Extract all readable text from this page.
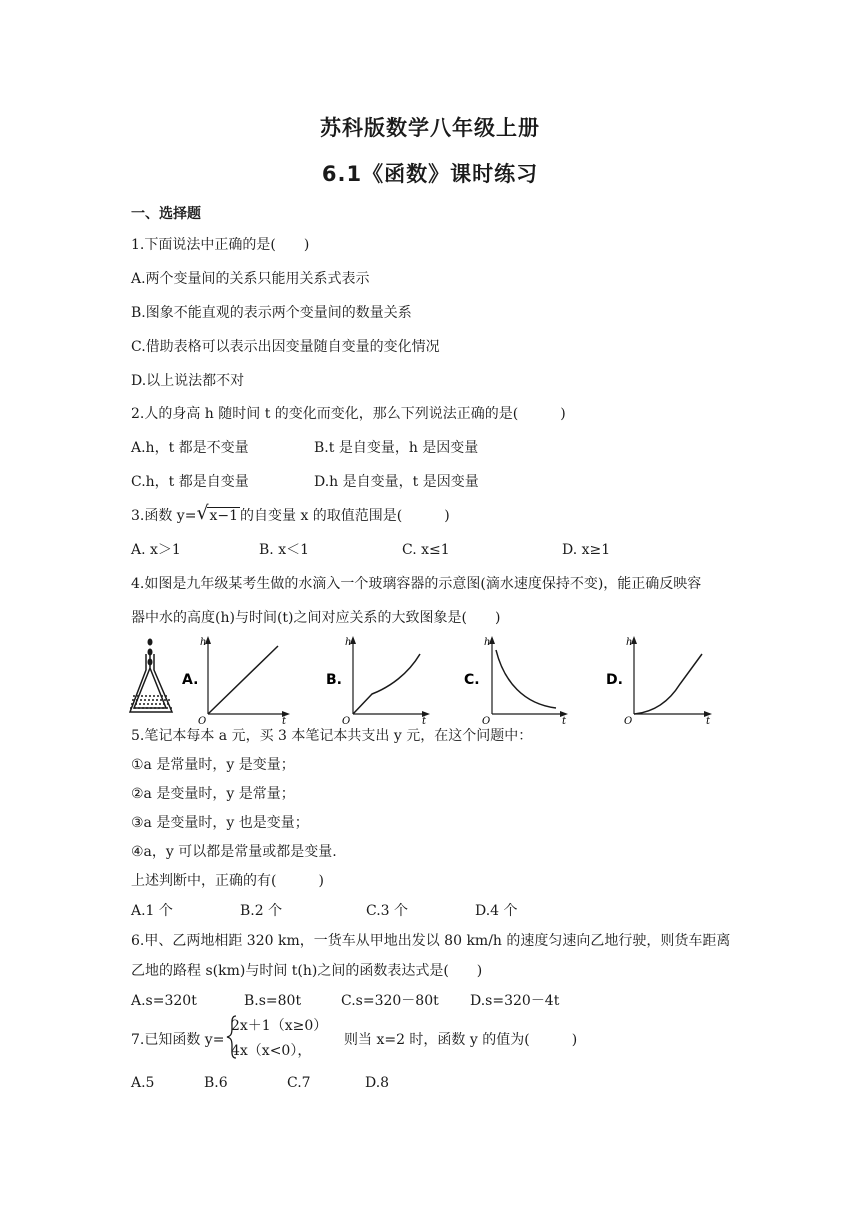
苏科版数学八年级上册
6.1《函数》课时练习
一、选择题
1.下面说法中正确的是(　　)
A.两个变量间的关系只能用关系式表示
B.图象不能直观的表示两个变量间的数量关系
C.借助表格可以表示出因变量随自变量的变化情况
D.以上说法都不对
2.人的身高 h 随时间 t 的变化而变化，那么下列说法正确的是(　　　)
A.h，t 都是不变量	B.t 是自变量，h 是因变量
C.h，t 都是自变量	D.h 是自变量，t 是因变量
3.函数 y= √ x−1 的自变量 x 的取值范围是(　　　)
A. x＞1	B. x＜1	C. x≤1	D. x≥1
4.如图是九年级某考生做的水滴入一个玻璃容器的示意图(滴水速度保持不变)，能正确反映容
器中水的高度(h)与时间(t)之间对应关系的大致图象是(　　)
A.
h
t
O
B.
h
t
O
C.
h
t
O
D.
h
t
O
5.笔记本每本 a 元，买 3 本笔记本共支出 y 元，在这个问题中：
①a 是常量时，y 是变量；
②a 是变量时，y 是常量；
③a 是变量时，y 也是变量；
④a，y 可以都是常量或都是变量.
上述判断中，正确的有(　　　)
A.1 个	B.2 个	C.3 个	D.4 个
6.甲、乙两地相距 320 km，一货车从甲地出发以 80 km/h 的速度匀速向乙地行驶，则货车距离
乙地的路程 s(km)与时间 t(h)之间的函数表达式是(　　)
A.s=320t	B.s=80t	C.s=320－80t D.s=320－4t
7.已知函数 y=
2x＋1（x≥0）
4x（x<0），
则当 x=2 时，函数 y 的值为(　　　)
A.5	B.6	C.7	D.8
